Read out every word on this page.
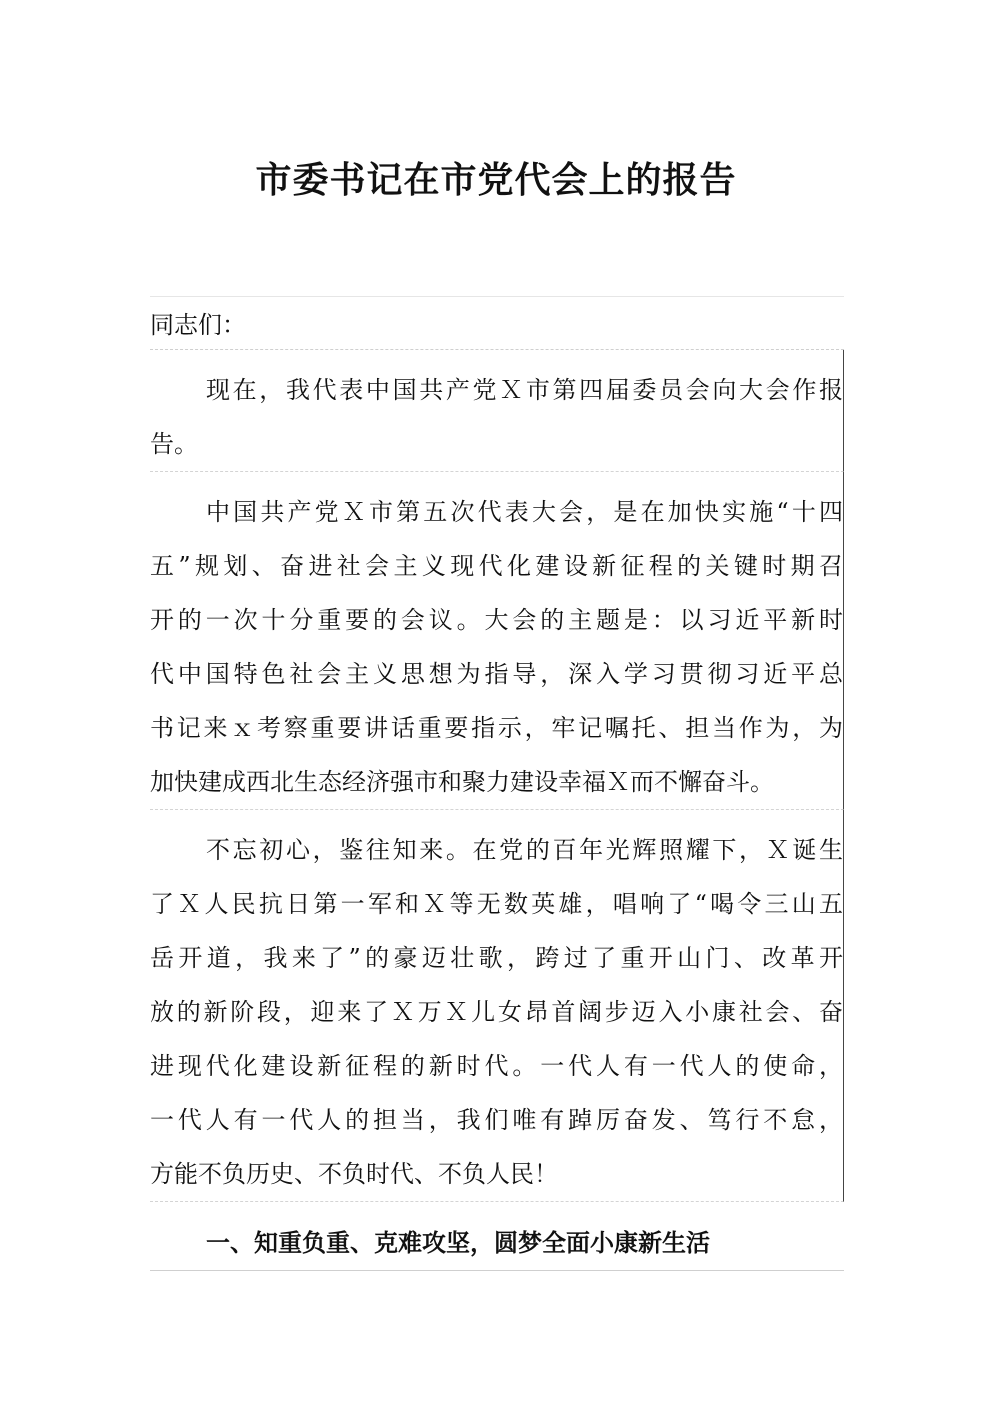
市委书记在市党代会上的报告

同志们：

现在，我代表中国共产党Ｘ市第四届委员会向大会作报
告。
中国共产党Ｘ市第五次代表大会，是在加快实施“十四
五”规划、奋进社会主义现代化建设新征程的关键时期召
开的一次十分重要的会议。大会的主题是：以习近平新时
代中国特色社会主义思想为指导，深入学习贯彻习近平总
书记来ｘ考察重要讲话重要指示，牢记嘱托、担当作为，为
加快建成西北生态经济强市和聚力建设幸福Ｘ而不懈奋斗。
不忘初心，鉴往知来。在党的百年光辉照耀下，Ｘ诞生
了Ｘ人民抗日第一军和Ｘ等无数英雄，唱响了“喝令三山五
岳开道，我来了”的豪迈壮歌，跨过了重开山门、改革开
放的新阶段，迎来了Ｘ万Ｘ儿女昂首阔步迈入小康社会、奋
进现代化建设新征程的新时代。一代人有一代人的使命，
一代人有一代人的担当，我们唯有踔厉奋发、笃行不怠，
方能不负历史、不负时代、不负人民！
一、知重负重、克难攻坚，圆梦全面小康新生活
